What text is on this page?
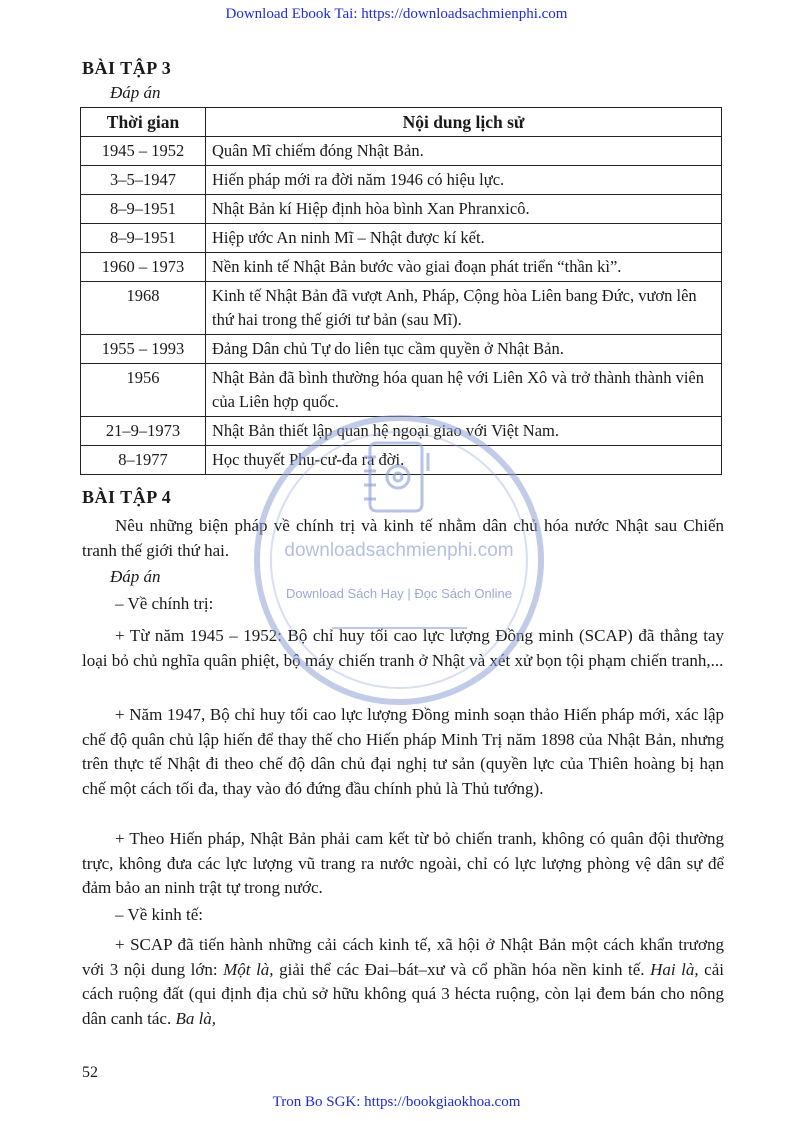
Download Ebook Tai: https://downloadsachmienphi.com
BÀI TẬP 3
Đáp án
Thời gian	Nội dung lịch sử
1945 – 1952	Quân Mĩ chiếm đóng Nhật Bản.
3–5–1947	Hiến pháp mới ra đời năm 1946 có hiệu lực.
8–9–1951	Nhật Bản kí Hiệp định hòa bình Xan Phranxicô.
8–9–1951	Hiệp ước An ninh Mĩ – Nhật được kí kết.
1960 – 1973	Nền kinh tế Nhật Bản bước vào giai đoạn phát triển “thần kì”.
1968	Kinh tế Nhật Bản đã vượt Anh, Pháp, Cộng hòa Liên bang Đức, vươn lên thứ hai trong thế giới tư bản (sau Mĩ).
1955 – 1993	Đảng Dân chủ Tự do liên tục cầm quyền ở Nhật Bản.
1956	Nhật Bản đã bình thường hóa quan hệ với Liên Xô và trở thành thành viên của Liên hợp quốc.
21–9–1973	Nhật Bản thiết lập quan hệ ngoại giao với Việt Nam.
8–1977	Học thuyết Phu-cư-đa ra đời.
BÀI TẬP 4
Nêu những biện pháp về chính trị và kinh tế nhằm dân chủ hóa nước Nhật sau Chiến tranh thế giới thứ hai.
Đáp án
– Về chính trị:
+ Từ năm 1945 – 1952: Bộ chỉ huy tối cao lực lượng Đồng minh (SCAP) đã thẳng tay loại bỏ chủ nghĩa quân phiệt, bộ máy chiến tranh ở Nhật và xét xử bọn tội phạm chiến tranh,...
+ Năm 1947, Bộ chỉ huy tối cao lực lượng Đồng minh soạn thảo Hiến pháp mới, xác lập chế độ quân chủ lập hiến để thay thế cho Hiến pháp Minh Trị năm 1898 của Nhật Bản, nhưng trên thực tế Nhật đi theo chế độ dân chủ đại nghị tư sản (quyền lực của Thiên hoàng bị hạn chế một cách tối đa, thay vào đó đứng đầu chính phủ là Thủ tướng).
+ Theo Hiến pháp, Nhật Bản phải cam kết từ bỏ chiến tranh, không có quân đội thường trực, không đưa các lực lượng vũ trang ra nước ngoài, chỉ có lực lượng phòng vệ dân sự để đảm bảo an ninh trật tự trong nước.
– Về kinh tế:
+ SCAP đã tiến hành những cải cách kinh tế, xã hội ở Nhật Bản một cách khẩn trương với 3 nội dung lớn: Một là, giải thể các Đai–bát–xư và cổ phần hóa nền kinh tế. Hai là, cải cách ruộng đất (qui định địa chủ sở hữu không quá 3 hécta ruộng, còn lại đem bán cho nông dân canh tác. Ba là,
downloadsachmienphi.com
Download Sách Hay | Đọc Sách Online
52
Tron Bo SGK: https://bookgiaokhoa.com
